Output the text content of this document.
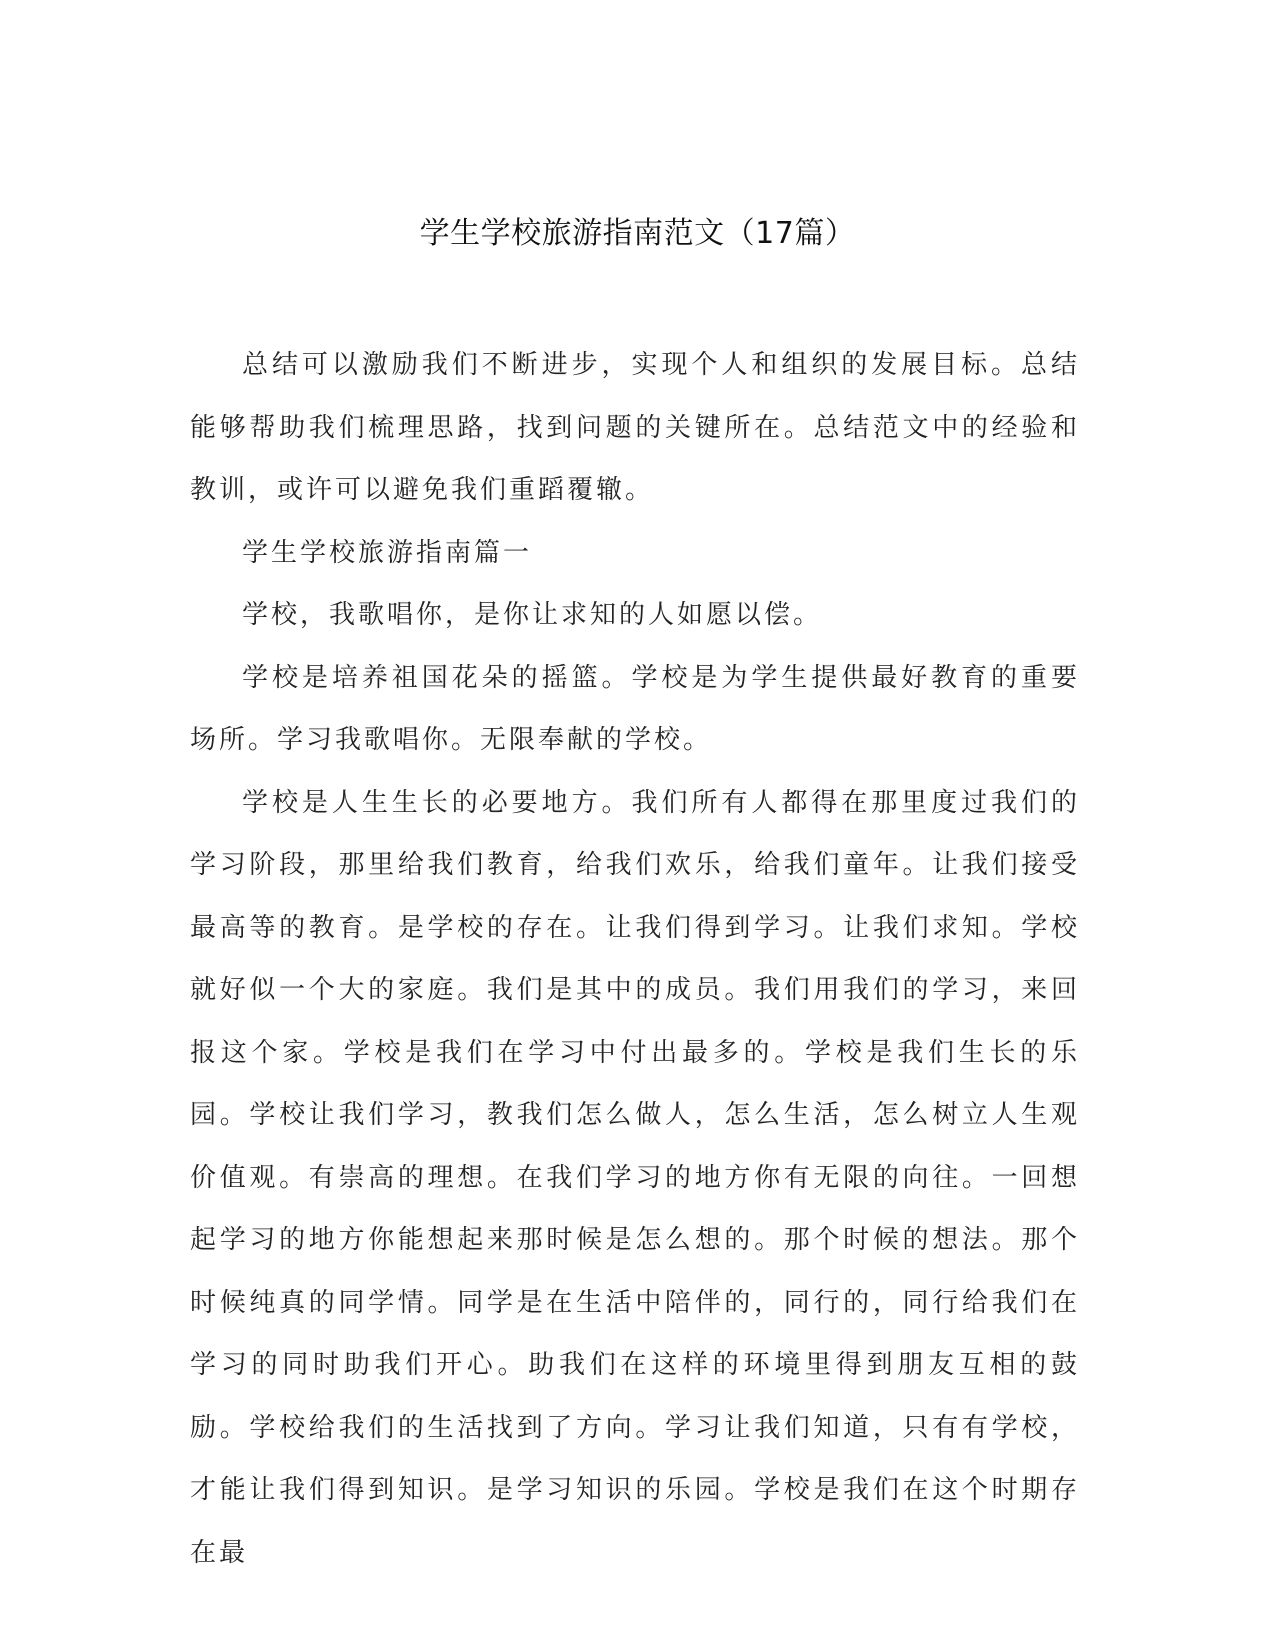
学生学校旅游指南范文（17篇）

总结可以激励我们不断进步，实现个人和组织的发展目标。总结能够帮助我们梳理思路，找到问题的关键所在。总结范文中的经验和教训，或许可以避免我们重蹈覆辙。

学生学校旅游指南篇一

学校，我歌唱你，是你让求知的人如愿以偿。

学校是培养祖国花朵的摇篮。学校是为学生提供最好教育的重要场所。学习我歌唱你。无限奉献的学校。

学校是人生生长的必要地方。我们所有人都得在那里度过我们的学习阶段，那里给我们教育，给我们欢乐，给我们童年。让我们接受最高等的教育。是学校的存在。让我们得到学习。让我们求知。学校就好似一个大的家庭。我们是其中的成员。我们用我们的学习，来回报这个家。学校是我们在学习中付出最多的。学校是我们生长的乐园。学校让我们学习，教我们怎么做人，怎么生活，怎么树立人生观价值观。有崇高的理想。在我们学习的地方你有无限的向往。一回想起学习的地方你能想起来那时候是怎么想的。那个时候的想法。那个时候纯真的同学情。同学是在生活中陪伴的，同行的，同行给我们在学习的同时助我们开心。助我们在这样的环境里得到朋友互相的鼓励。学校给我们的生活找到了方向。学习让我们知道，只有有学校，才能让我们得到知识。是学习知识的乐园。学校是我们在这个时期存在最
